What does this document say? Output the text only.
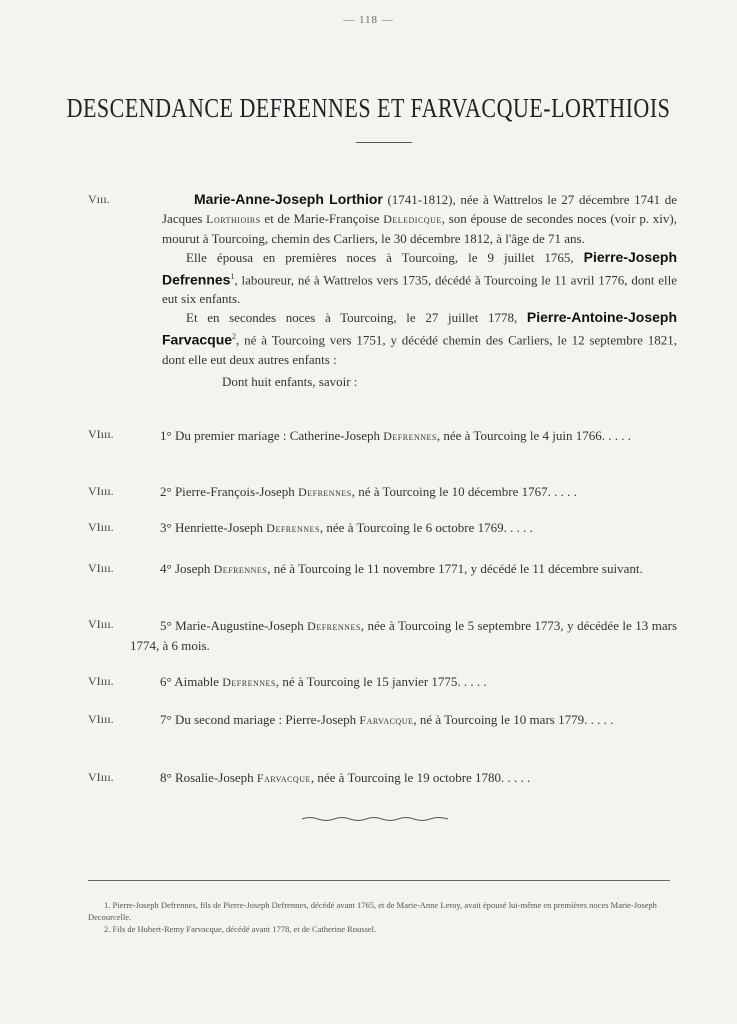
— 118 —
DESCENDANCE DEFRENNES ET FARVACQUE-LORTHIOIS
Vııı.	Marie-Anne-Joseph Lorthior (1741-1812), née à Wattrelos le 27 décembre 1741 de Jacques Lorthioirs et de Marie-Françoise Deledicque, son épouse de secondes noces (voir p. xiv), mourut à Tourcoing, chemin des Carliers, le 30 décembre 1812, à l'âge de 71 ans.
Elle épousa en premières noces à Tourcoing, le 9 juillet 1765, Pierre-Joseph Defrennes$^1$, laboureur, né à Wattrelos vers 1735, décédé à Tourcoing le 11 avril 1776, dont elle eut six enfants.
Et en secondes noces à Tourcoing, le 27 juillet 1778, Pierre-Antoine-Joseph Farvacque$^2$, né à Tourcoing vers 1751, y décédé chemin des Carliers, le 12 septembre 1821, dont elle eut deux autres enfants :
Dont huit enfants, savoir :
VIııı.	1° Du premier mariage : Catherine-Joseph Defrennes, née à Tourcoing le 4 juin 1766. . . . .
VIııı.	2° Pierre-François-Joseph Defrennes, né à Tourcoing le 10 décembre 1767. . . . .
VIııı.	3° Henriette-Joseph Defrennes, née à Tourcoing le 6 octobre 1769. . . . .
VIııı.	4° Joseph Defrennes, né à Tourcoing le 11 novembre 1771, y décédé le 11 décembre suivant.
VIııı.	5° Marie-Augustine-Joseph Defrennes, née à Tourcoing le 5 septembre 1773, y décédée le 13 mars 1774, à 6 mois.
VIııı.	6° Aimable Defrennes, né à Tourcoing le 15 janvier 1775. . . . .
VIııı.	7° Du second mariage : Pierre-Joseph Farvacque, né à Tourcoing le 10 mars 1779. . . . .
VIııı.	8° Rosalie-Joseph Farvacque, née à Tourcoing le 19 octobre 1780. . . . .

1. Pierre-Joseph Defrennes, fils de Pierre-Joseph Defrennes, décédé avant 1765, et de Marie-Anne Leroy, avait épousé lui-même en premières noces Marie-Joseph Decourcelle.

2. Fils de Hubert-Remy Farvacque, décédé avant 1778, et de Catherine Roussel.
